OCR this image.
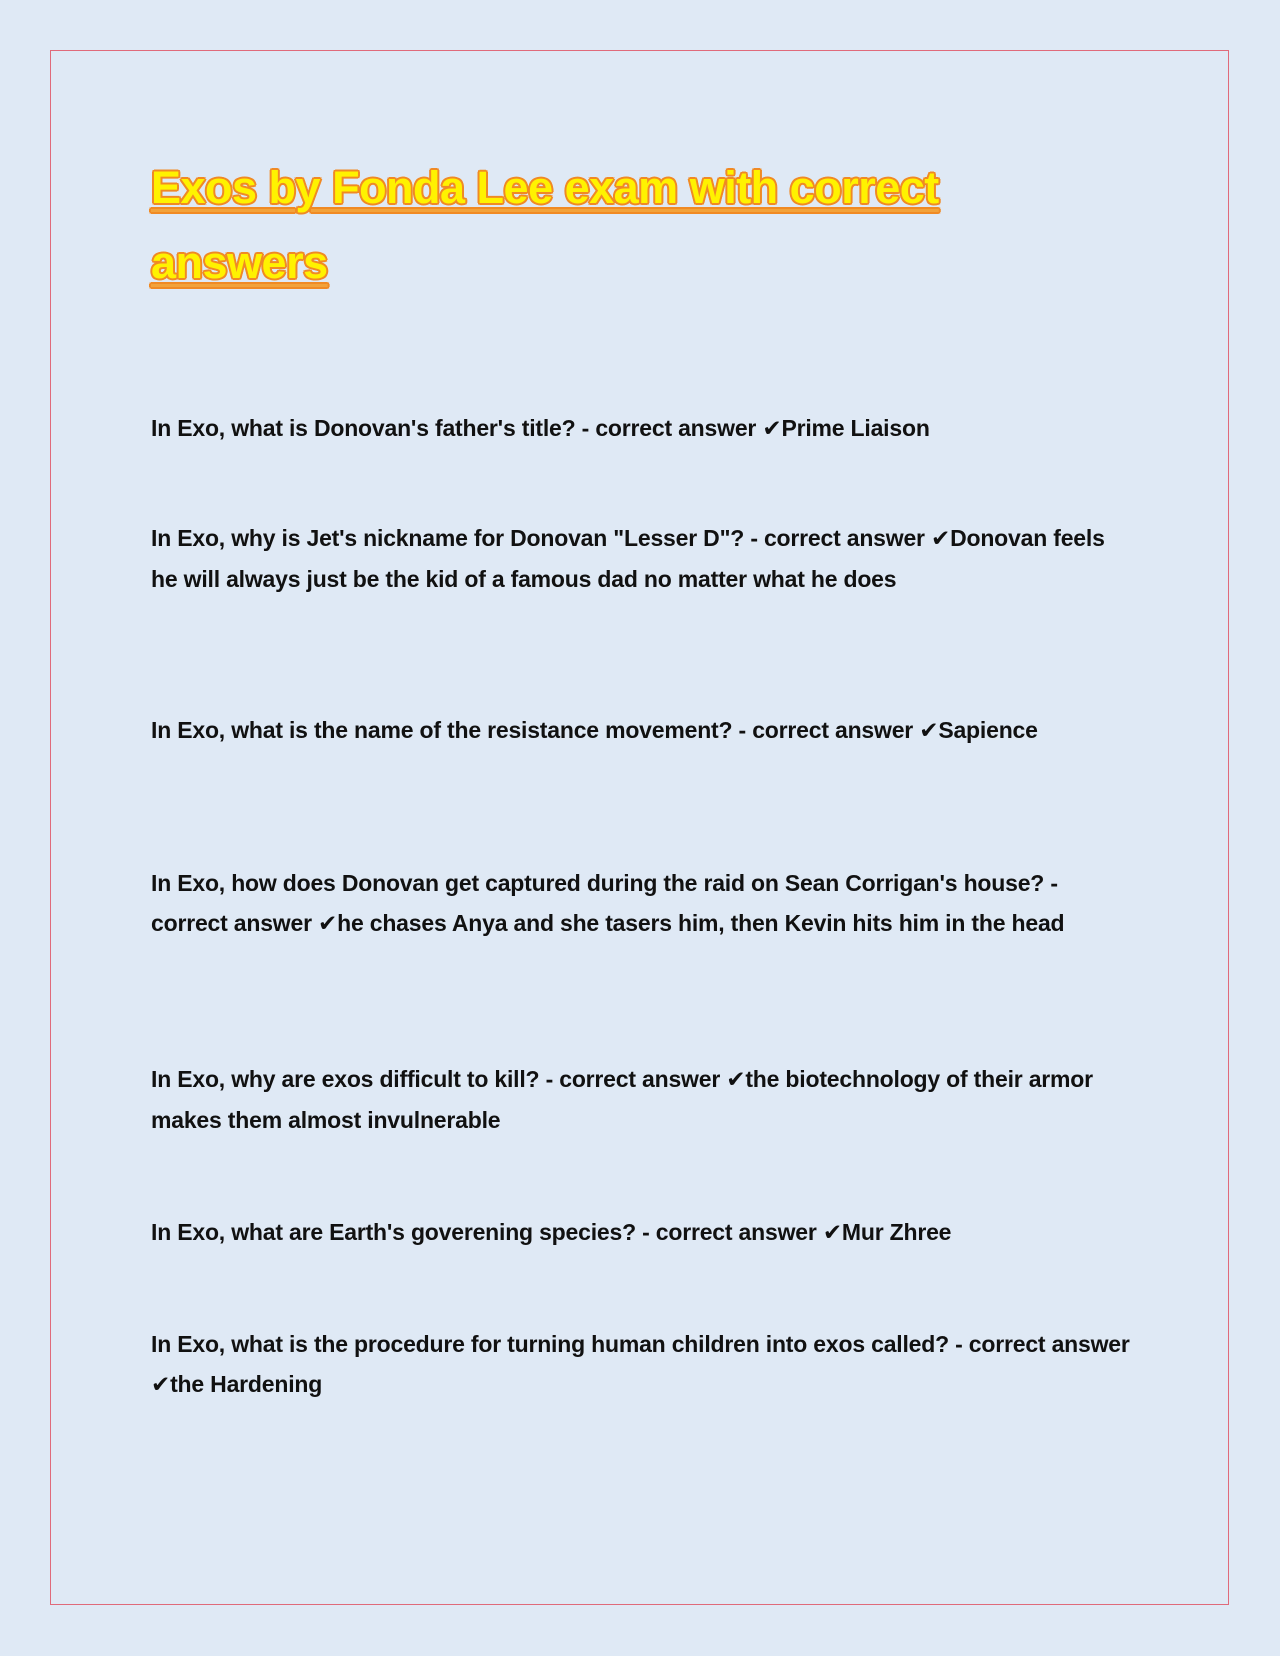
Exos by Fonda Lee exam with correct answers

In Exo, what is Donovan's father's title? - correct answer ✔Prime Liaison

In Exo, why is Jet's nickname for Donovan "Lesser D"? - correct answer ✔Donovan feels he will always just be the kid of a famous dad no matter what he does

In Exo, what is the name of the resistance movement? - correct answer ✔Sapience

In Exo, how does Donovan get captured during the raid on Sean Corrigan's house? - correct answer ✔he chases Anya and she tasers him, then Kevin hits him in the head

In Exo, why are exos difficult to kill? - correct answer ✔the biotechnology of their armor makes them almost invulnerable

In Exo, what are Earth's goverening species? - correct answer ✔Mur Zhree

In Exo, what is the procedure for turning human children into exos called? - correct answer ✔the Hardening
